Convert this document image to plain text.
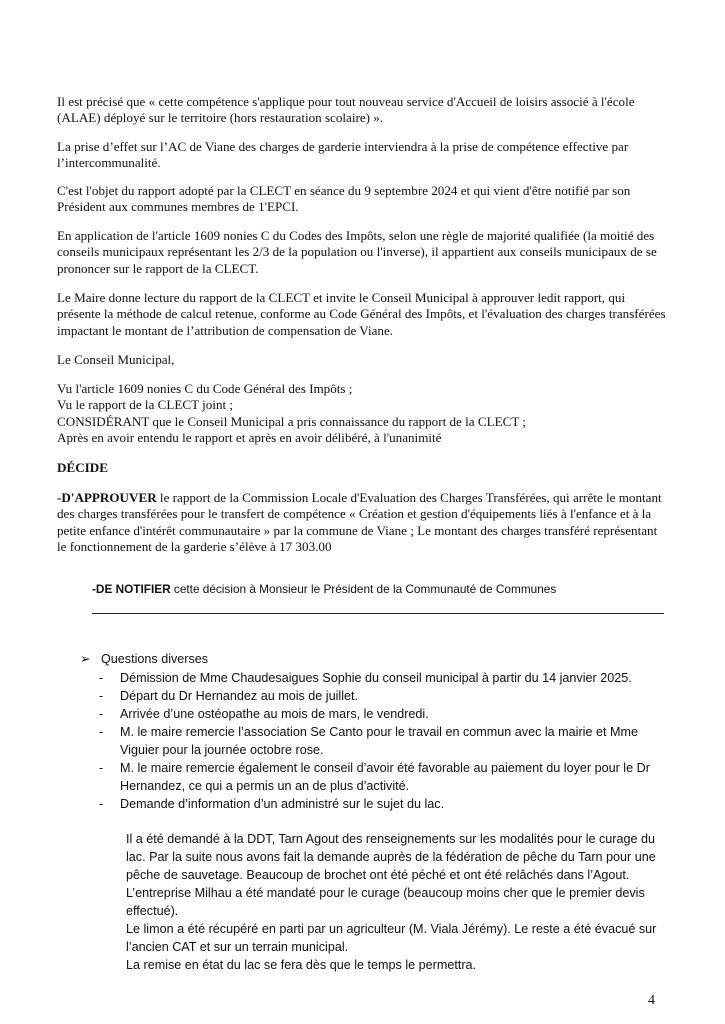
Il est précisé que « cette compétence s'applique pour tout nouveau service d'Accueil de loisirs associé à l'école (ALAE) déployé sur le territoire (hors restauration scolaire) ».

La prise d’effet sur l’AC de Viane des charges de garderie interviendra à la prise de compétence effective par l’intercommunalité.

C'est l'objet du rapport adopté par la CLECT en séance du 9 septembre 2024 et qui vient d'être notifié par son Président aux communes membres de 1'EPCI.

En application de l'article 1609 nonies C du Codes des Impôts, selon une règle de majorité qualifiée (la moitié des conseils municipaux représentant les 2/3 de la population ou l'inverse), il appartient aux conseils municipaux de se prononcer sur le rapport de la CLECT.

Le Maire donne lecture du rapport de la CLECT et invite le Conseil Municipal à approuver ledit rapport, qui présente la méthode de calcul retenue, conforme au Code Général des Impôts, et l'évaluation des charges transférées impactant le montant de l’attribution de compensation de Viane.

Le Conseil Municipal,

Vu l'article 1609 nonies C du Code Général des Impôts ;

Vu le rapport de la CLECT joint ;

CONSIDÉRANT que le Conseil Municipal a pris connaissance du rapport de la CLECT ;

Après en avoir entendu le rapport et après en avoir délibéré, à l'unanimité

DÉCIDE

-D'APPROUVER le rapport de la Commission Locale d'Evaluation des Charges Transférées, qui arrête le montant des charges transférées pour le transfert de compétence « Création et gestion d'équipements liés à l'enfance et à la petite enfance d'intérêt communautaire » par la commune de Viane ; Le montant des charges transféré représentant le fonctionnement de la garderie s’élève à 17 303.00

-DE NOTIFIER cette décision à Monsieur le Président de la Communauté de Communes

➢ Questions diverses
- Démission de Mme Chaudesaigues Sophie du conseil municipal à partir du 14 janvier 2025.
- Départ du Dr Hernandez au mois de juillet.
- Arrivée d’une ostéopathe au mois de mars, le vendredi.
- M. le maire remercie l’association Se Canto pour le travail en commun avec la mairie et Mme Viguier pour la journée octobre rose.
- M. le maire remercie également le conseil d’avoir été favorable au paiement du loyer pour le Dr Hernandez, ce qui a permis un an de plus d’activité.
- Demande d’information d’un administré sur le sujet du lac.

Il a été demandé à la DDT, Tarn Agout des renseignements sur les modalités pour le curage du lac. Par la suite nous avons fait la demande auprès de la fédération de pêche du Tarn pour une pêche de sauvetage. Beaucoup de brochet ont été péché et ont été relâchés dans l’Agout. L’entreprise Milhau a été mandaté pour le curage (beaucoup moins cher que le premier devis effectué).

Le limon a été récupéré en parti par un agriculteur (M. Viala Jérémy). Le reste a été évacué sur l’ancien CAT et sur un terrain municipal.

La remise en état du lac se fera dès que le temps le permettra.

4
